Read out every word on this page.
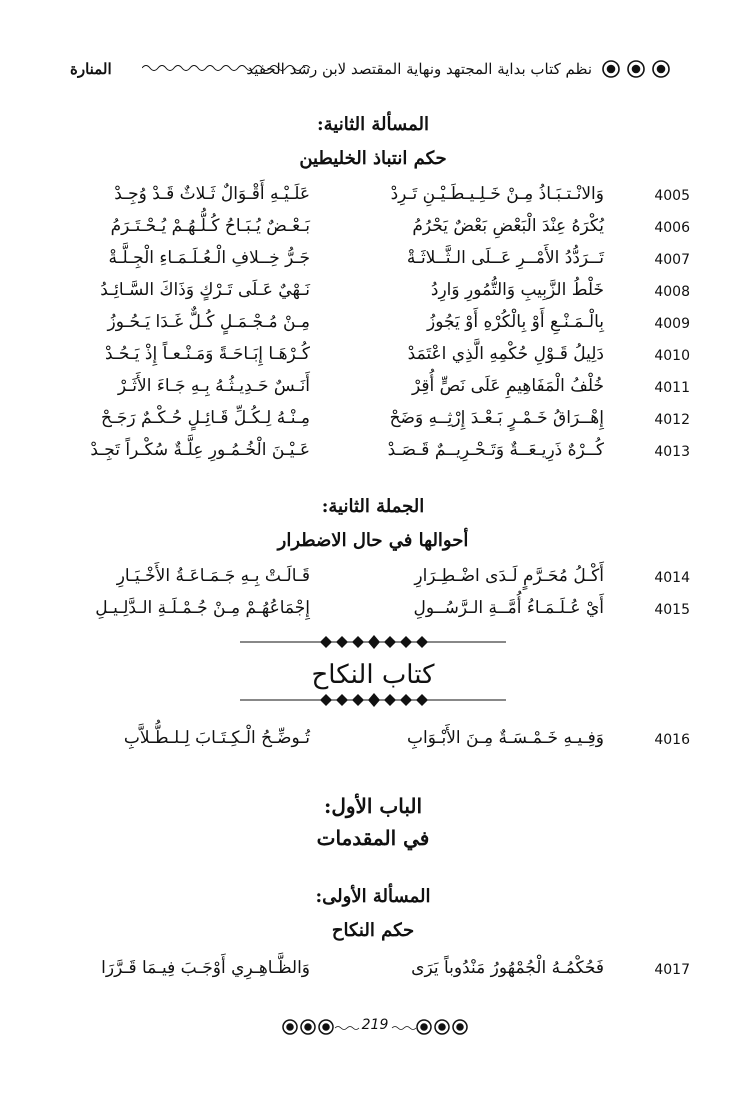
المنارة	نظم كتاب بداية المجتهد ونهاية المقتصد لابن رشد الحفيد
المسألة الثانية:
حكم انتباذ الخليطين
4005
وَالانْـتـبَـاذُ مِـنْ خَـلِـيـطَـيْـنِ تَـرِدْ
عَلَـيْـهِ أَقْـوَالٌ ثَـلاثٌ قَـدْ وُجِـدْ
4006
يُكْرَهُ عِنْدَ الْبَعْضِ بَعْضٌ يَحْرُمُ
بَـعْـضٌ يُـبَـاحُ كُـلُّـهُـمْ يُـحْـتَـرَمُ
4007
تَــرَدُّدُ الأَمْــرِ عَــلَى الـثَّــلاثَـةْ
جَـرُّ خِــلافِ الْـعُـلَـمَـاءِ الْجِـلَّـةْ
4008
خَلْطُ الزَّبِيبِ وَالتُّمُورِ وَارِدُ
نَـهْيٌ عَـلَى تَـرْكٍ وَذَاكَ السَّـائِـدُ
4009
بِالْـمَـنْـعِ أَوْ بِالْكُرْهِ أَوْ يَجُوزُ
مِـنْ مُـجْـمَـلٍ كُـلٌّ غَـدَا يَـحُـوزُ
4010
دَلِيلُ قَـوْلِ حُكْمِهِ الَّذِي اعْتَمَدْ
كُـرْهَـا إِبَـاحَـةً وَمَـنْـعـاً إِذْ يَـحُـدْ
4011
خُلْفُ الْمَفَاهِيمِ عَلَى نَصٍّ أُقِرْ
أَنَـسٌ حَـدِيـثُـهُ بِـهِ جَـاءَ الأَثَـرْ
4012
إِهْــرَاقُ خَـمْـرٍ بَـعْـدَ إِرْثِــهِ وَضَحْ
مِـنْـهُ لِـكُـلِّ قَـائِـلٍ حُـكْـمٌ رَجَـحْ
4013
كُــرْهٌ ذَرِيـعَــةٌ وَتَـحْـرِيــمٌ قَـصَـدْ
عَـيْـنَ الْخُـمُـورِ عِلَّـةٌ سُكْـراً تَجِـدْ
الجملة الثانية:
أحوالها في حال الاضطرار
4014
أَكْـلُ مُحَـرَّمٍ لَـدَى اضْـطِـرَارِ
قَـالَـتْ بِـهِ جَـمَـاعَـةُ الأَخْـيَـارِ
4015
أَيْ عُـلَـمَـاءُ أُمَّــةِ الـرَّسُــولِ
إِجْمَاعُهُـمْ مِـنْ جُـمْـلَـةِ الـدَّلِـيـلِ
كتاب النكاح
4016
وَفِـيـهِ خَـمْـسَـةٌ مِـنَ الأَبْـوَابِ
تُـوضِّـحُ الْـكِـتَـابَ لِـلـطُّـلاَّبِ
الباب الأول:
في المقدمات
المسألة الأولى:
حكم النكاح
4017
فَحُكْمُـهُ الْجُمْهُورُ مَنْدُوباً يَرَى
وَالظَّـاهِـرِي أَوْجَـبَ فِيـمَا قَـرَّرَا
219
